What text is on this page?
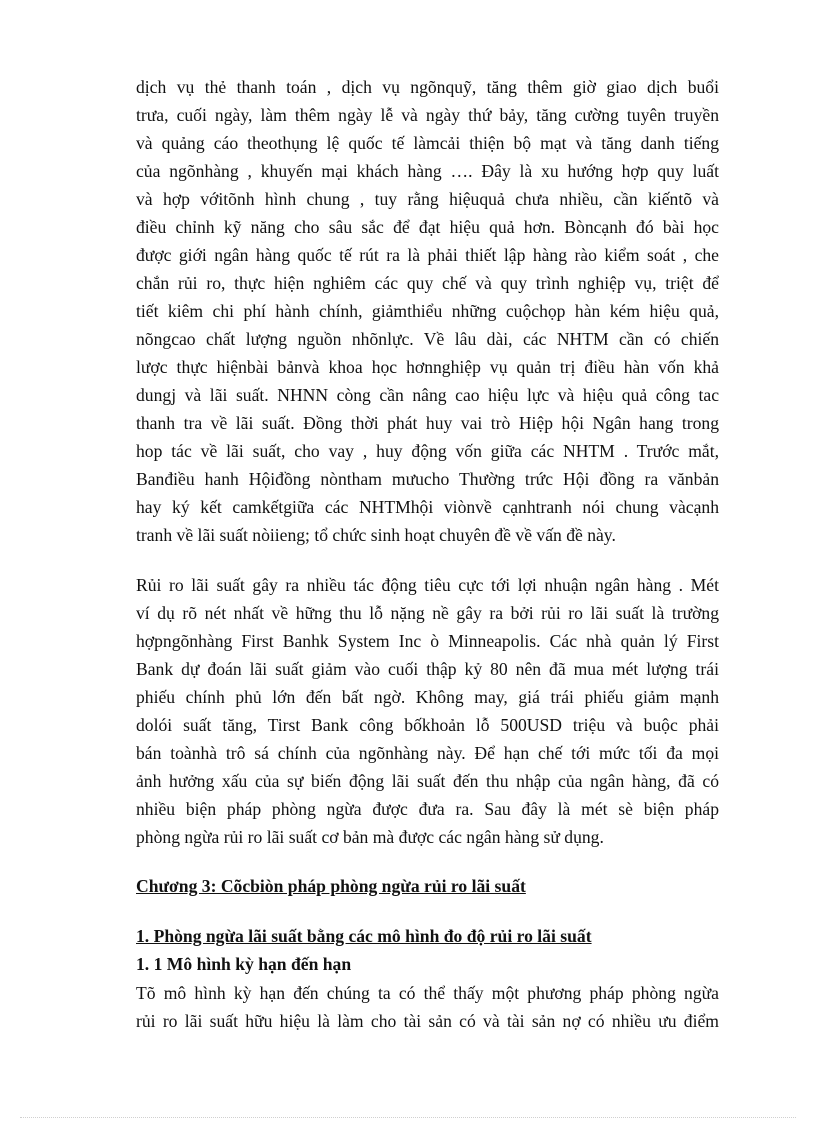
dịch vụ thẻ thanh toán , dịch vụ ngõnquỹ, tăng thêm giờ giao dịch buổi
trưa, cuối ngày, làm thêm ngày lễ và ngày thứ bảy, tăng cường tuyên truyền
và quảng cáo theothụng lệ quốc tế làmcải thiện bộ mạt và tăng danh tiếng
của ngõnhàng , khuyến mại khách hàng …. Đây là xu hướng hợp quy luất
và hợp vớitõnh hình chung , tuy rằng hiệuquả chưa nhiều, cần kiếntõ và
điều chỉnh kỹ năng cho sâu sắc để đạt hiệu quả hơn. Bòncạnh đó bài học
được giới ngân hàng quốc tế rút ra là phải thiết lập hàng rào kiểm soát , che
chắn rủi ro, thực hiện nghiêm các quy chế và quy trình nghiệp vụ, triệt để
tiết kiêm chi phí hành chính, giảmthiểu những cuộchọp hàn kém hiệu quả,
nõngcao chất lượng nguồn nhõnlực. Về lâu dài, các NHTM cần có chiến
lược thực hiệnbài bảnvà khoa học hơnnghiệp vụ quản trị điều hàn vốn khả
dungj và lãi suất. NHNN còng cần nâng cao hiệu lực và hiệu quả công tac
thanh tra về lãi suất. Đồng thời phát huy vai trò Hiệp hội Ngân hang trong
hop tác về lãi suất, cho vay , huy động vốn giữa các NHTM . Trước mắt,
Banđiều hanh Hộiđồng nòntham mưucho Thường trức Hội đồng ra vănbản
hay ký kết camkếtgiữa các NHTMhội viònvề cạnhtranh nói chung vàcạnh
tranh về lãi suất nòiieng; tổ chức sinh hoạt chuyên đề về vấn đề này.
Rủi ro lãi suất gây ra nhiều tác động tiêu cực tới lợi nhuận ngân hàng . Mét
ví dụ rõ nét nhất về hững thu lỗ nặng nề gây ra bởi rủi ro lãi suất là trường
hợpngõnhàng First Banhk System Inc ò Minneapolis. Các nhà quản lý First
Bank dự đoán lãi suất giảm vào cuối thập kỷ 80 nên đã mua mét lượng trái
phiếu chính phủ lớn đến bất ngờ. Không may, giá trái phiếu giảm mạnh
dolói suất tăng, Tirst Bank công bốkhoản lỗ 500USD triệu và buộc phải
bán toànhà trô sá chính của ngõnhàng này. Để hạn chế tới mức tối đa mọi
ảnh hưởng xấu của sự biến động lãi suất đến thu nhập của ngân hàng, đã có
nhiều biện pháp phòng ngừa được đưa ra. Sau đây là mét sè biện pháp
phòng ngừa rủi ro lãi suất cơ bản mà được các ngân hàng sử dụng.
Chương 3: Cõcbiòn pháp phòng ngừa rủi ro lãi suất
1. Phòng ngừa lãi suất bằng các mô hình đo độ rủi ro lãi suất
1. 1 Mô hình kỳ hạn đến hạn
Tõ mô hình kỳ hạn đến chúng ta có thể thấy một phương pháp phòng ngừa
rủi ro lãi suất hữu hiệu là làm cho tài sản có và tài sản nợ có nhiều ưu điểm
